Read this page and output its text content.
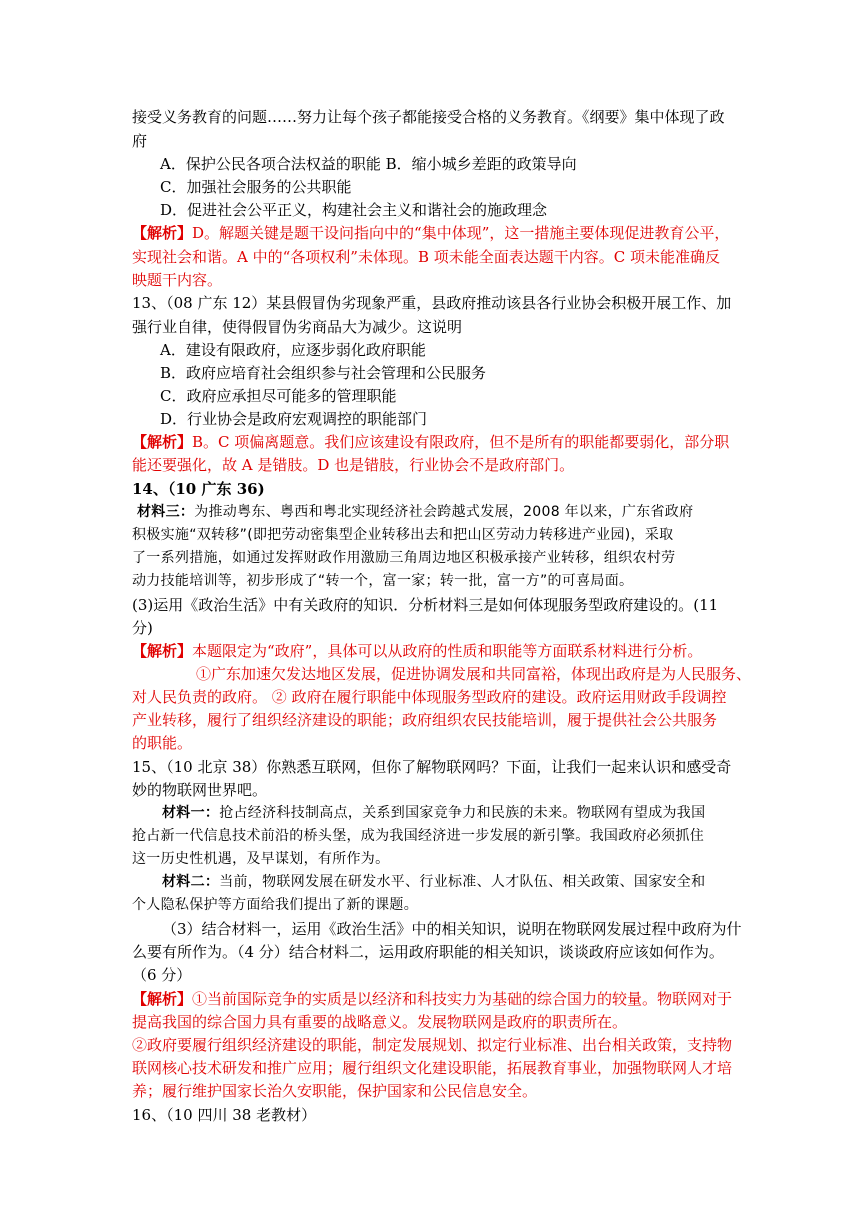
接受义务教育的问题……努力让每个孩子都能接受合格的义务教育。《纲要》集中体现了政
府
A．保护公民各项合法权益的职能 B．缩小城乡差距的政策导向
C．加强社会服务的公共职能
D．促进社会公平正义，构建社会主义和谐社会的施政理念
【解析】D。解题关键是题干设问指向中的“集中体现”，这一措施主要体现促进教育公平，
实现社会和谐。A 中的“各项权利”未体现。B 项未能全面表达题干内容。C 项未能准确反
映题干内容。
13、（08 广东 12）某县假冒伪劣现象严重，县政府推动该县各行业协会积极开展工作、加
强行业自律，使得假冒伪劣商品大为减少。这说明
A．建设有限政府，应逐步弱化政府职能
B．政府应培育社会组织参与社会管理和公民服务
C．政府应承担尽可能多的管理职能
D．行业协会是政府宏观调控的职能部门
【解析】B。C 项偏离题意。我们应该建设有限政府，但不是所有的职能都要弱化，部分职
能还要强化，故 A 是错肢。D 也是错肢，行业协会不是政府部门。
14、（10 广东 36)
材料三：为推动粤东、粤西和粤北实现经济社会跨越式发展，2008 年以来，广东省政府
积极实施“双转移”(即把劳动密集型企业转移出去和把山区劳动力转移进产业园)，采取
了一系列措施，如通过发挥财政作用激励三角周边地区积极承接产业转移，组织农村劳
动力技能培训等，初步形成了“转一个，富一家；转一批，富一方”的可喜局面。
(3)运用《政治生活》中有关政府的知识．分析材料三是如何体现服务型政府建设的。(11
分)
【解析】本题限定为“政府”，具体可以从政府的性质和职能等方面联系材料进行分析。
①广东加速欠发达地区发展，促进协调发展和共同富裕，体现出政府是为人民服务、
对人民负责的政府。 ② 政府在履行职能中体现服务型政府的建设。政府运用财政手段调控
产业转移，履行了组织经济建设的职能；政府组织农民技能培训，履于提供社会公共服务
的职能。
15、（10 北京 38）你熟悉互联网，但你了解物联网吗？下面，让我们一起来认识和感受奇
妙的物联网世界吧。
材料一：抢占经济科技制高点，关系到国家竞争力和民族的未来。物联网有望成为我国
抢占新一代信息技术前沿的桥头堡，成为我国经济进一步发展的新引擎。我国政府必须抓住
这一历史性机遇，及早谋划，有所作为。
材料二：当前，物联网发展在研发水平、行业标准、人才队伍、相关政策、国家安全和
个人隐私保护等方面给我们提出了新的课题。
（3）结合材料一，运用《政治生活》中的相关知识，说明在物联网发展过程中政府为什
么要有所作为。（4 分）结合材料二，运用政府职能的相关知识，谈谈政府应该如何作为。
（6 分）
【解析】①当前国际竞争的实质是以经济和科技实力为基础的综合国力的较量。物联网对于
提高我国的综合国力具有重要的战略意义。发展物联网是政府的职责所在。
②政府要履行组织经济建设的职能，制定发展规划、拟定行业标准、出台相关政策，支持物
联网核心技术研发和推广应用；履行组织文化建设职能，拓展教育事业，加强物联网人才培
养；履行维护国家长治久安职能，保护国家和公民信息安全。
16、（10 四川 38 老教材）
